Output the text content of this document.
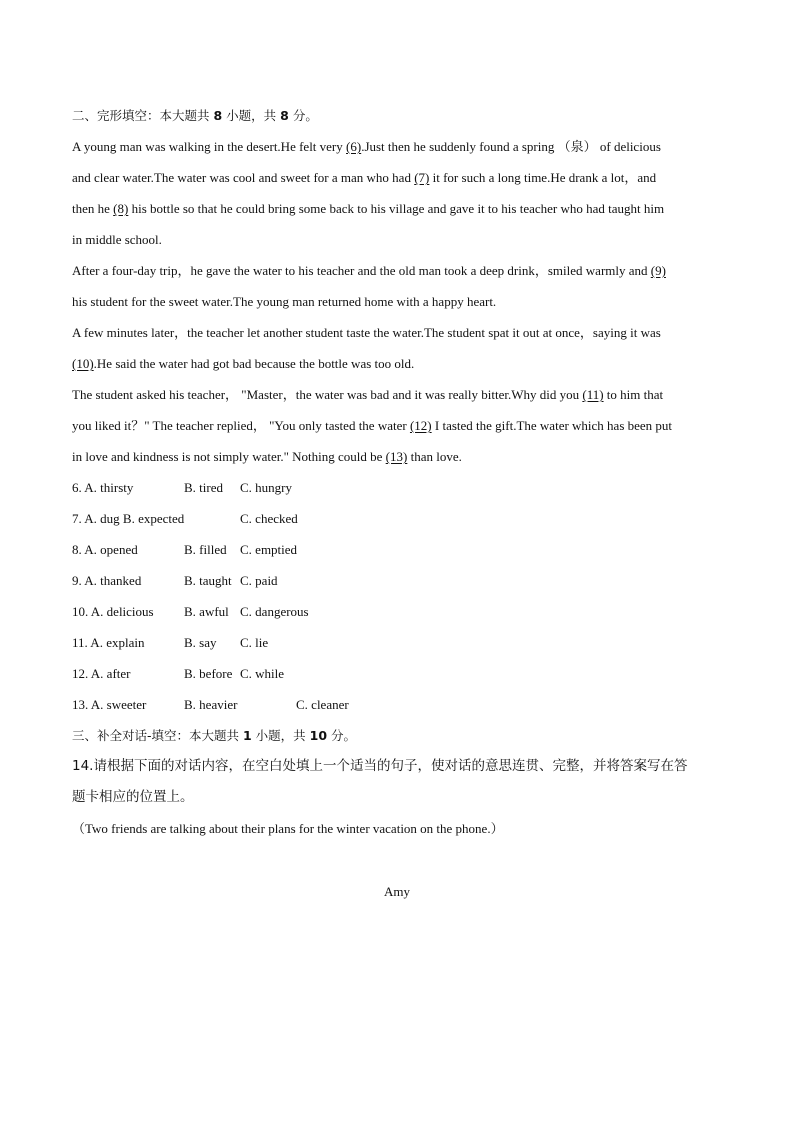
二、完形填空：本大题共 8 小题，共 8 分。
A young man was walking in the desert.He felt very (6).Just then he suddenly found a spring （泉） of delicious
and clear water.The water was cool and sweet for a man who had (7) it for such a long time.He drank a lot，and
then he (8) his bottle so that he could bring some back to his village and gave it to his teacher who had taught him
in middle school.
After a four-day trip，he gave the water to his teacher and the old man took a deep drink，smiled warmly and (9)
his student for the sweet water.The young man returned home with a happy heart.
A few minutes later，the teacher let another student taste the water.The student spat it out at once，saying it was
(10).He said the water had got bad because the bottle was too old.
The student asked his teacher， "Master，the water was bad and it was really bitter.Why did you (11) to him that
you liked it？" The teacher replied， "You only tasted the water (12) I tasted the gift.The water which has been put
in love and kindness is not simply water." Nothing could be (13) than love.
6. A. thirsty	B. tired	C. hungry
7. A. dug B. expected	C. checked
8. A. opened	B. filled	C. emptied
9. A. thanked	B. taught C. paid
10. A. delicious	B. awful C. dangerous
11. A. explain	B. say	C. lie
12. A. after	B. before C. while
13. A. sweeter	B. heavier	C. cleaner
三、补全对话-填空：本大题共 1 小题，共 10 分。
14.请根据下面的对话内容，在空白处填上一个适当的句子，使对话的意思连贯、完整，并将答案写在答
题卡相应的位置上。
（Two friends are talking about their plans for the winter vacation on the phone.）
Amy
